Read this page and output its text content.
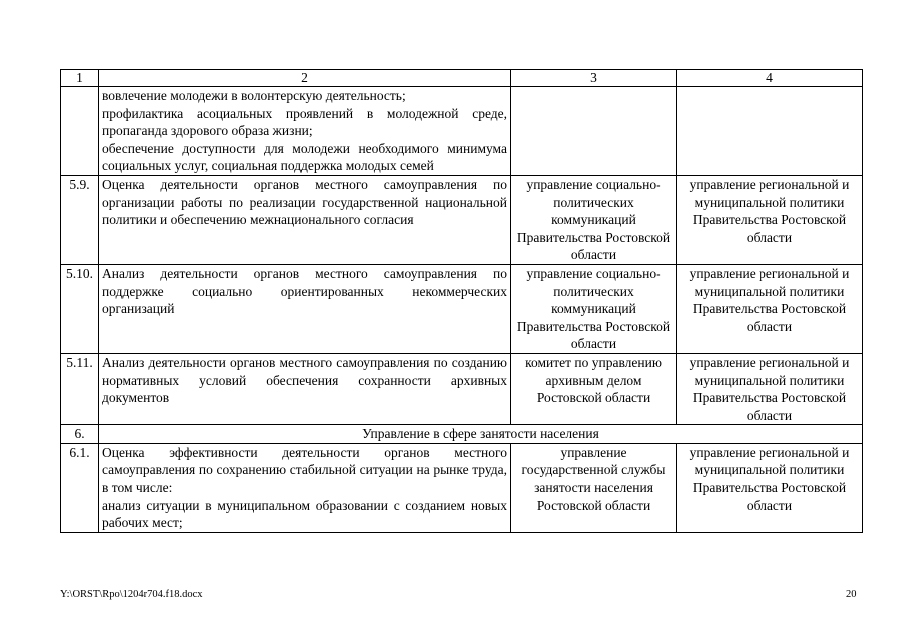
1	2	3	4

	вовлечение молодежи в волонтерскую деятельность;
профилактика асоциальных проявлений в молодежной среде, пропаганда здорового образа жизни;
обеспечение доступности для молодежи необходимого минимума социальных услуг, социальная поддержка молодых семей		

5.9.	Оценка деятельности органов местного самоуправления по организации работы по реализации государственной национальной политики и обеспечению межнационального согласия	управление социально-политических коммуникаций Правительства Ростовской области	управление региональной и муниципальной политики Правительства Ростовской области
5.10.	Анализ деятельности органов местного самоуправления по поддержке социально ориентированных некоммерческих организаций	управление социально-политических коммуникаций Правительства Ростовской области	управление региональной и муниципальной политики Правительства Ростовской области
5.11.	Анализ деятельности органов местного самоуправления по созданию нормативных условий обеспечения сохранности архивных документов	комитет по управлению архивным делом Ростовской области	управление региональной и муниципальной политики Правительства Ростовской области
6.	Управление в сфере занятости населения		
6.1.	Оценка эффективности деятельности органов местного самоуправления по сохранению стабильной ситуации на рынке труда, в том числе:
анализ ситуации в муниципальном образовании с созданием новых рабочих мест;	управление государственной службы занятости населения Ростовской области	управление региональной и муниципальной политики Правительства Ростовской области
Y:\ORST\Rpo\1204r704.f18.docx	20
